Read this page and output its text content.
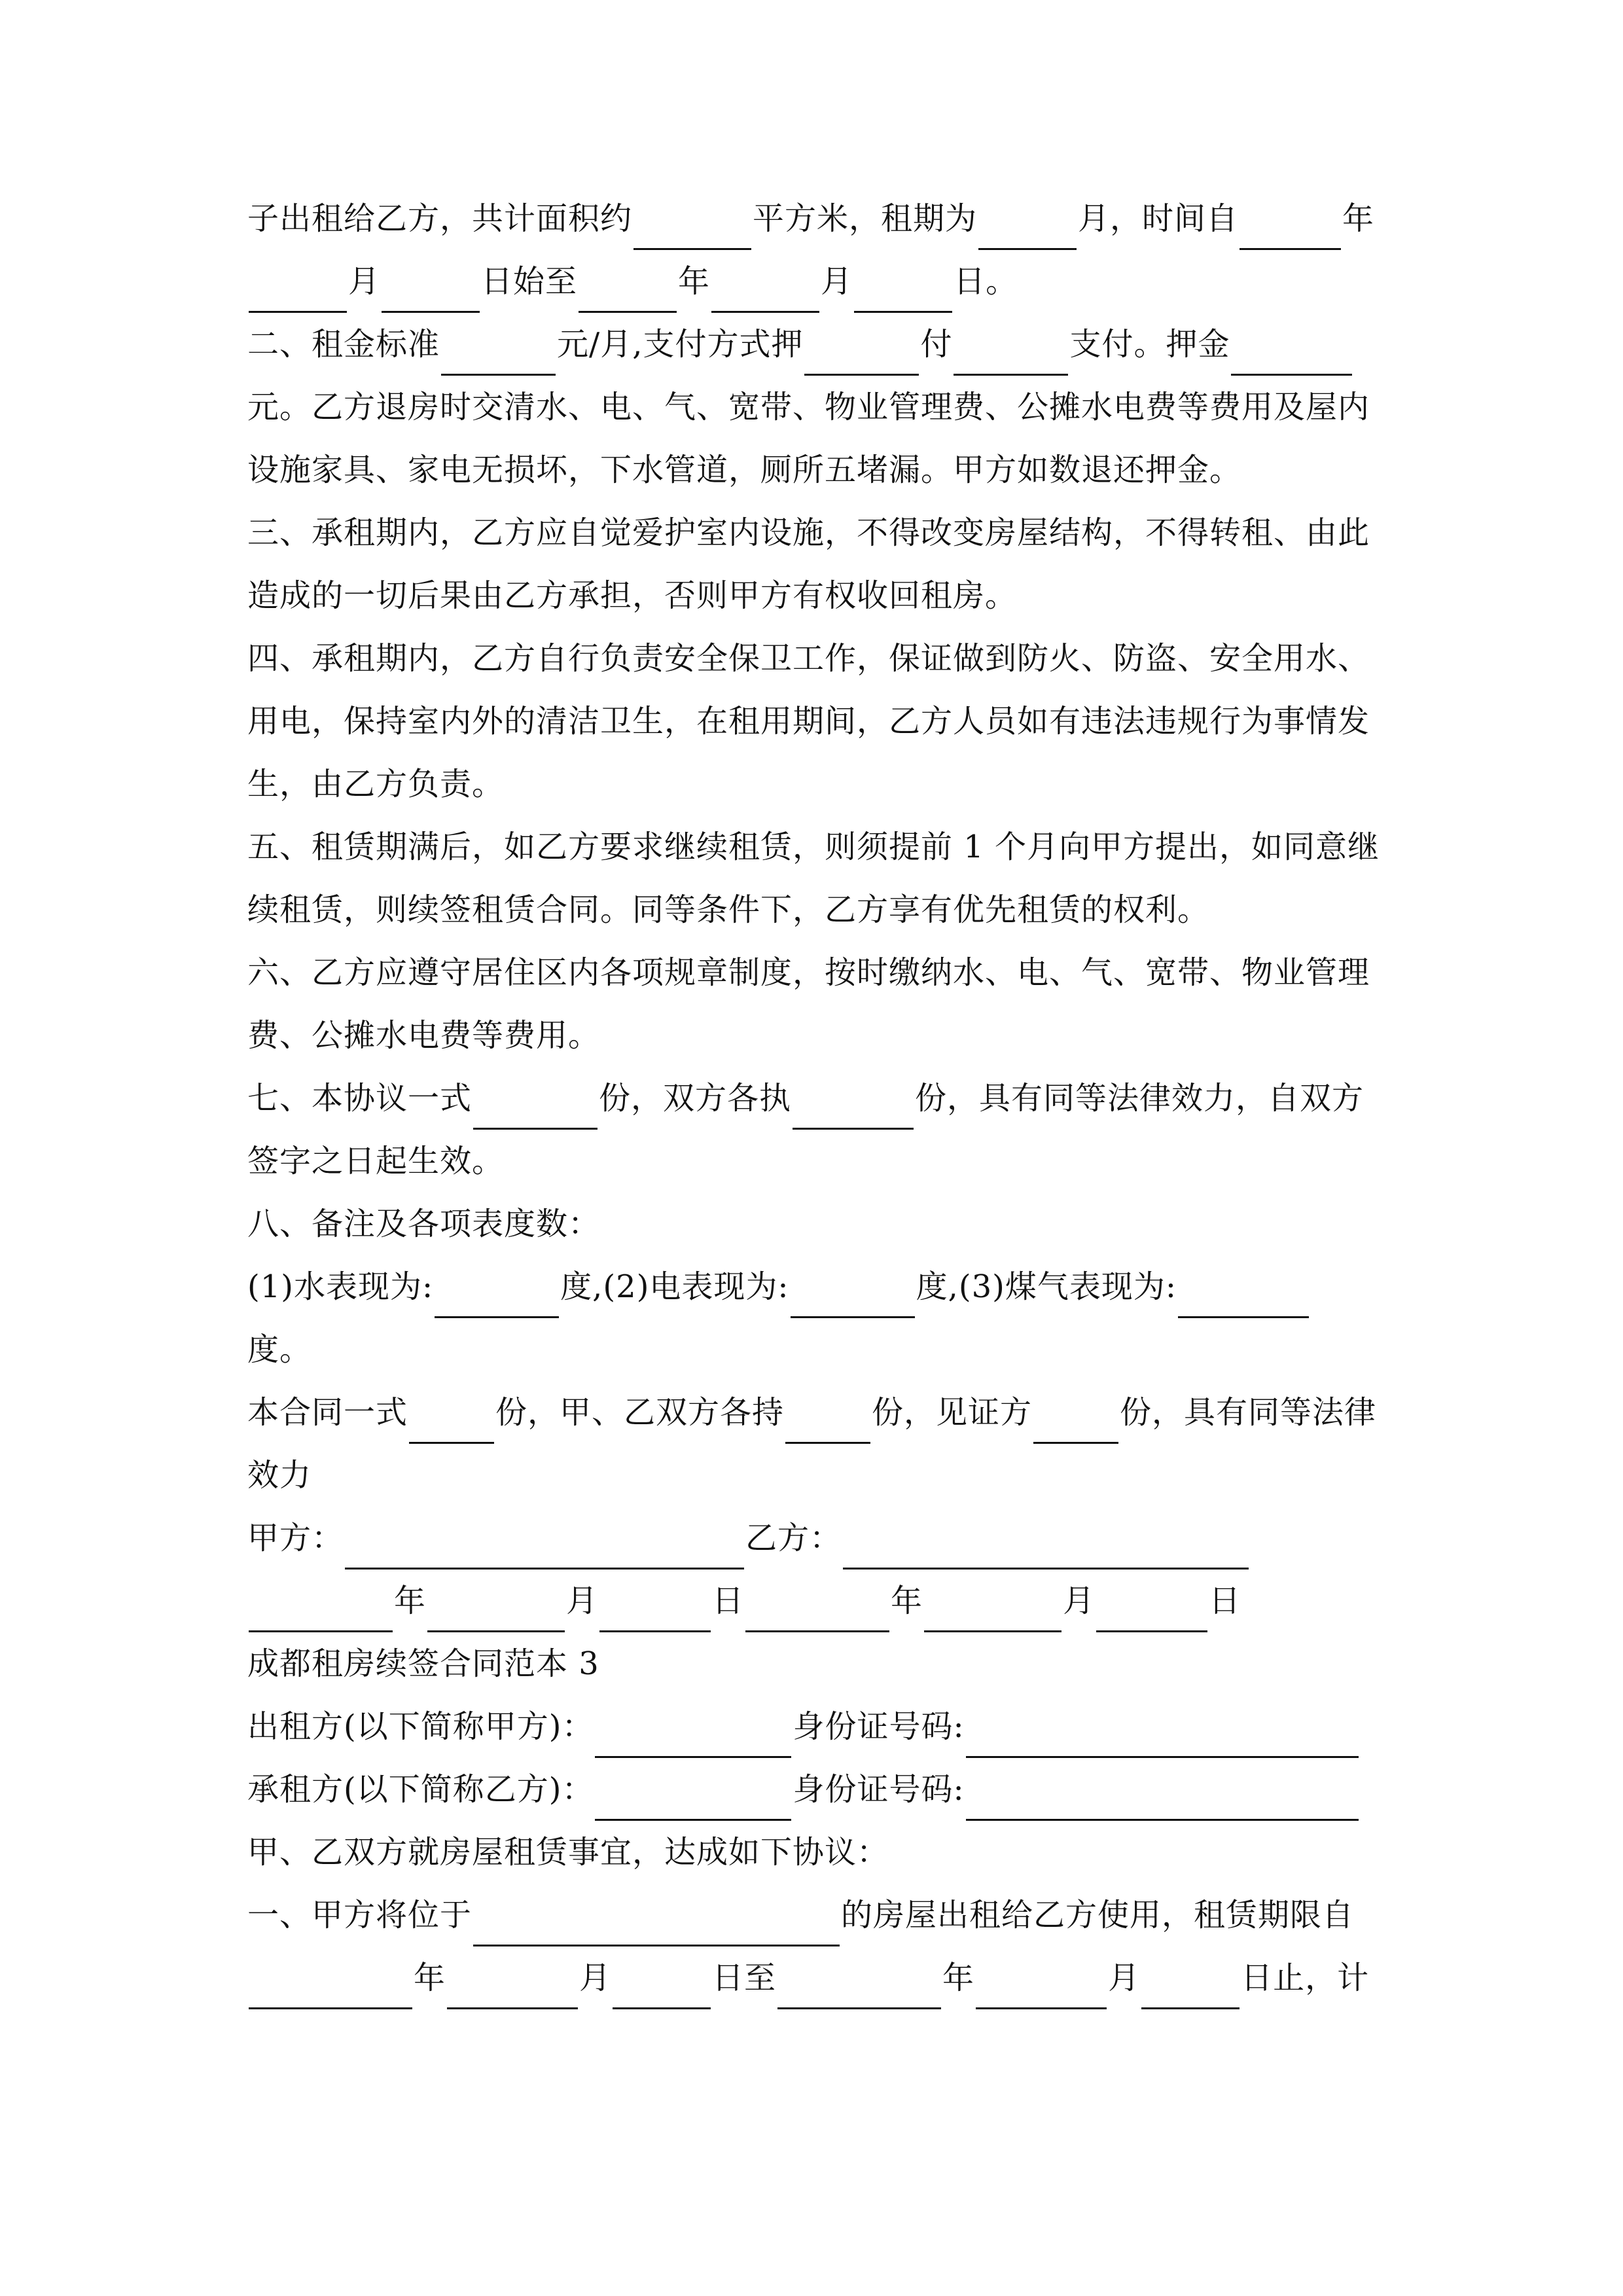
子出租给乙方，共计面积约	平方米，租期为	月，时间自	年
月	日始至	年	月	日。
二、租金标准	元/月,支付方式押	付	支付。押金
元。乙方退房时交清水、电、气、宽带、物业管理费、公摊水电费等费用及屋内
设施家具、家电无损坏，下水管道，厕所五堵漏。甲方如数退还押金。
三、承租期内，乙方应自觉爱护室内设施，不得改变房屋结构，不得转租、由此
造成的一切后果由乙方承担，否则甲方有权收回租房。
四、承租期内，乙方自行负责安全保卫工作，保证做到防火、防盗、安全用水、
用电，保持室内外的清洁卫生，在租用期间，乙方人员如有违法违规行为事情发
生，由乙方负责。
五、租赁期满后，如乙方要求继续租赁，则须提前 1 个月向甲方提出，如同意继
续租赁，则续签租赁合同。同等条件下，乙方享有优先租赁的权利。
六、乙方应遵守居住区内各项规章制度，按时缴纳水、电、气、宽带、物业管理
费、公摊水电费等费用。
七、本协议一式	份，双方各执	份，具有同等法律效力，自双方
签字之日起生效。
八、备注及各项表度数：
(1)水表现为:	度,(2)电表现为:	度,(3)煤气表现为:
度。
本合同一式	份，甲、乙双方各持	份，见证方	份，具有同等法律
效力
甲方：	乙方：
年	月	日	年	月	日
成都租房续签合同范本 3
出租方(以下简称甲方)：	身份证号码:
承租方(以下简称乙方)：	身份证号码:
甲、乙双方就房屋租赁事宜，达成如下协议：
一、甲方将位于	的房屋出租给乙方使用，租赁期限自
年	月	日至	年	月	日止，计
